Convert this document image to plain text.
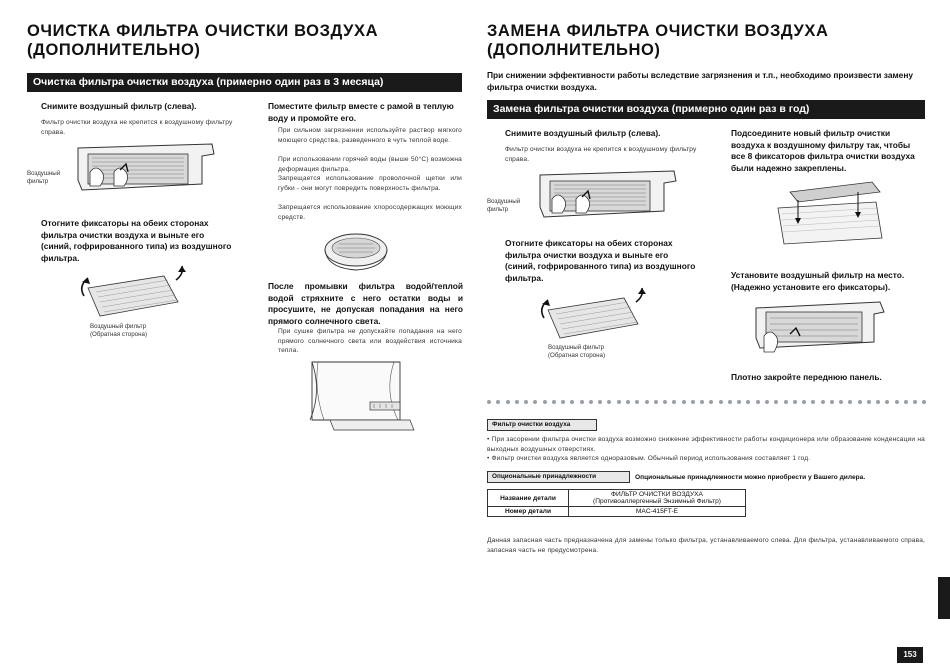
ОЧИСТКА ФИЛЬТРА ОЧИСТКИ ВОЗДУХА
(ДОПОЛНИТЕЛЬНО)
Очистка фильтра очистки воздуха (примерно один раз в 3 месяца)
Снимите воздушный фильтр (слева).
Фильтр очистки воздуха не крепится к воздушному фильтру справа.
Воздушный
фильтр
Отогните фиксаторы на обеих сторонах фильтра очистки воздуха и выньте его (синий, гофрированного типа) из воздушного фильтра.
Воздушный фильтр
(Обратная сторона)
Поместите фильтр вместе с рамой в теплую воду и промойте его.
При сильном загрязнении используйте раствор мягкого моющего средства, разведенного в чуть теплой воде.
При использовании горячей воды (выше 50°C) возможна деформация фильтра.
Запрещается использование проволочной щетки или губки - они могут повредить поверхность фильтра.
Запрещается использование хлоросодержащих моющих средств.
После промывки фильтра водой/теплой водой стряхните с него остатки воды и просушите, не допуская попадания на него прямого солнечного света.
При сушке фильтра не допускайте попадания на него прямого солнечного света или воздействия источника тепла.
ЗАМЕНА ФИЛЬТРА ОЧИСТКИ ВОЗДУХА
(ДОПОЛНИТЕЛЬНО)
При снижении эффективности работы вследствие загрязнения и т.п., необходимо произвести замену фильтра очистки воздуха.
Замена фильтра очистки воздуха (примерно один раз в год)
Снимите воздушный фильтр (слева).
Фильтр очистки воздуха не крепится к воздушному фильтру справа.
Воздушный
фильтр
Отогните фиксаторы на обеих сторонах фильтра очистки воздуха и выньте его (синий, гофрированного типа) из воздушного фильтра.
Воздушный фильтр
(Обратная сторона)
Подсоедините новый фильтр очистки воздуха к воздушному фильтру так, чтобы все 8 фиксаторов фильтра очистки воздуха были надежно закреплены.
Установите воздушный фильтр на место. (Надежно установите его фиксаторы).
Плотно закройте переднюю панель.
Фильтр очистки воздуха
• При засорении фильтра очистки воздуха возможно снижение эффективности работы кондиционера или образование конденсации на выходных воздушных отверстиях.
• Фильтр очистки воздуха является одноразовым. Обычный период использования составляет 1 год.
Опциональные принадлежности	Опциональные принадлежности можно приобрести у Вашего дилера.
Название детали	ФИЛЬТР ОЧИСТКИ ВОЗДУХА
(Противоаллергенный Энзимный Фильтр)

Номер детали	MAC-415FT-E
Данная запасная часть предназначена для замены только фильтра, устанавливаемого слева. Для фильтра, устанавливаемого справа, запасная часть не предусмотрена.
153
